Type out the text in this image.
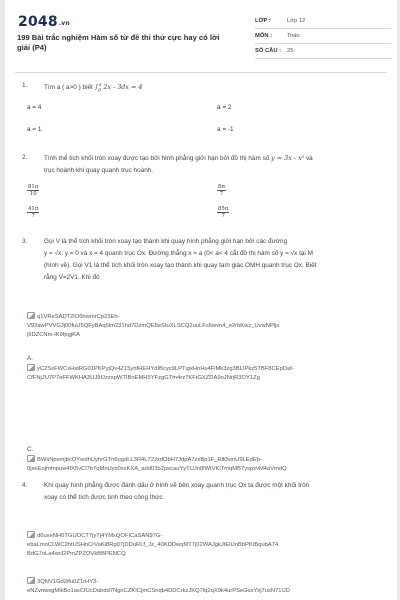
2048.vn
199 Bài trắc nghiệm Hàm số từ đề thi thử cực hay có lời giải (P4)
LỚP :	Lớp 12
MÔN :	Toán
SỐ CÂU :	25
1.	Tìm a ( a>0 ) biết $\int_0^a$ 2x - 3dx = 4
a = 4	a = 2
a = 1	a = -1
2.	Tính thể tích khối tròn xoay được tạo bởi hình phẳng giới hạn bởi đồ thị hàm số y = 3x - x² và
trục hoành khi quay quanh trục hoành.
$\frac{81\pi}{10}$	$\frac{8\pi}{7}$
$\frac{41\pi}{7}$	$\frac{85\pi}{7}$
3.	Gọi V là thể tích khối tròn xoay tạo thành khi quay hình phẳng giới hạn bởi các đường
y = √x, y = 0 và x = 4 quanh trục Ox. Đường thẳng x = a (0< a< 4 cắt đồ thị hàm số y = √x tại M
(hình vẽ). Gọi V1 là thể tích khối tròn xoay tạo thành khi quay tam giác OMH quanh trục Ox. Biết
rằng V=2V1. Khi đó
q1VReSADT2lO6hwmrCp23Eh-
V93awPVVGJj00fuU5QFyBAq5lm231hd7DzmQE8eStuXLSCQ2uuLFs6wvn4_e2rbKwz_UvwNPljs
j9DZCNm-lK9fpgjKA
A.
yC2SsFWCxHstRG01PKPyjQv4Z15yhfHEHYdIBcyc9LPTqixHnHs4FlMk3zg3BLIPkz5TBF8CEpDaf-
CfFNjJU7P7eFFWKHA3UJ9fJzzspWTIBnEMH5YFzgGTm4rz7KFtGXZDA9oJNrjR3OY1Zg
C.
BWsNpxmjbcOYwdhUyhrGTn6ugdLL3R4L72JxdObH7JdpA7zxBp1F_Rll0vmU9LEdEb-
0jxeEojmfnpuw4fX5vCl7b7qMnUys0ssKXA_add03b2pscauYyTUJn8lWtVKiTmqMB7yspxvM4aVmdQ
4.	Khi quay hình phẳng được đánh dấu ở hình vẽ bên xoay quanh trục Ox ta được một khối tròn
xoay có thể tích được tính theo công thức
d6uxeNH0TGUOCT7jyTj4YMxQOFICaSAN97G-
ebaLmoCLWC2htUSHnCrVaKi8Rp07jDDuRLf_Jz_40KDDwqMT7j02WAJgkJtElUnBbPKtBqubA74
BdG7oLa4wcl2PmZPZOVkBBPENCQ
3QNV1Gd2ifu0Z1rHY3-
eNZvnwxgMikBo1asCfUcDabdd7NgnCZKICjmCSnqb4DDCrkzJKQ7lq2qX9k4urPSeGsxYkj7usN71UD
